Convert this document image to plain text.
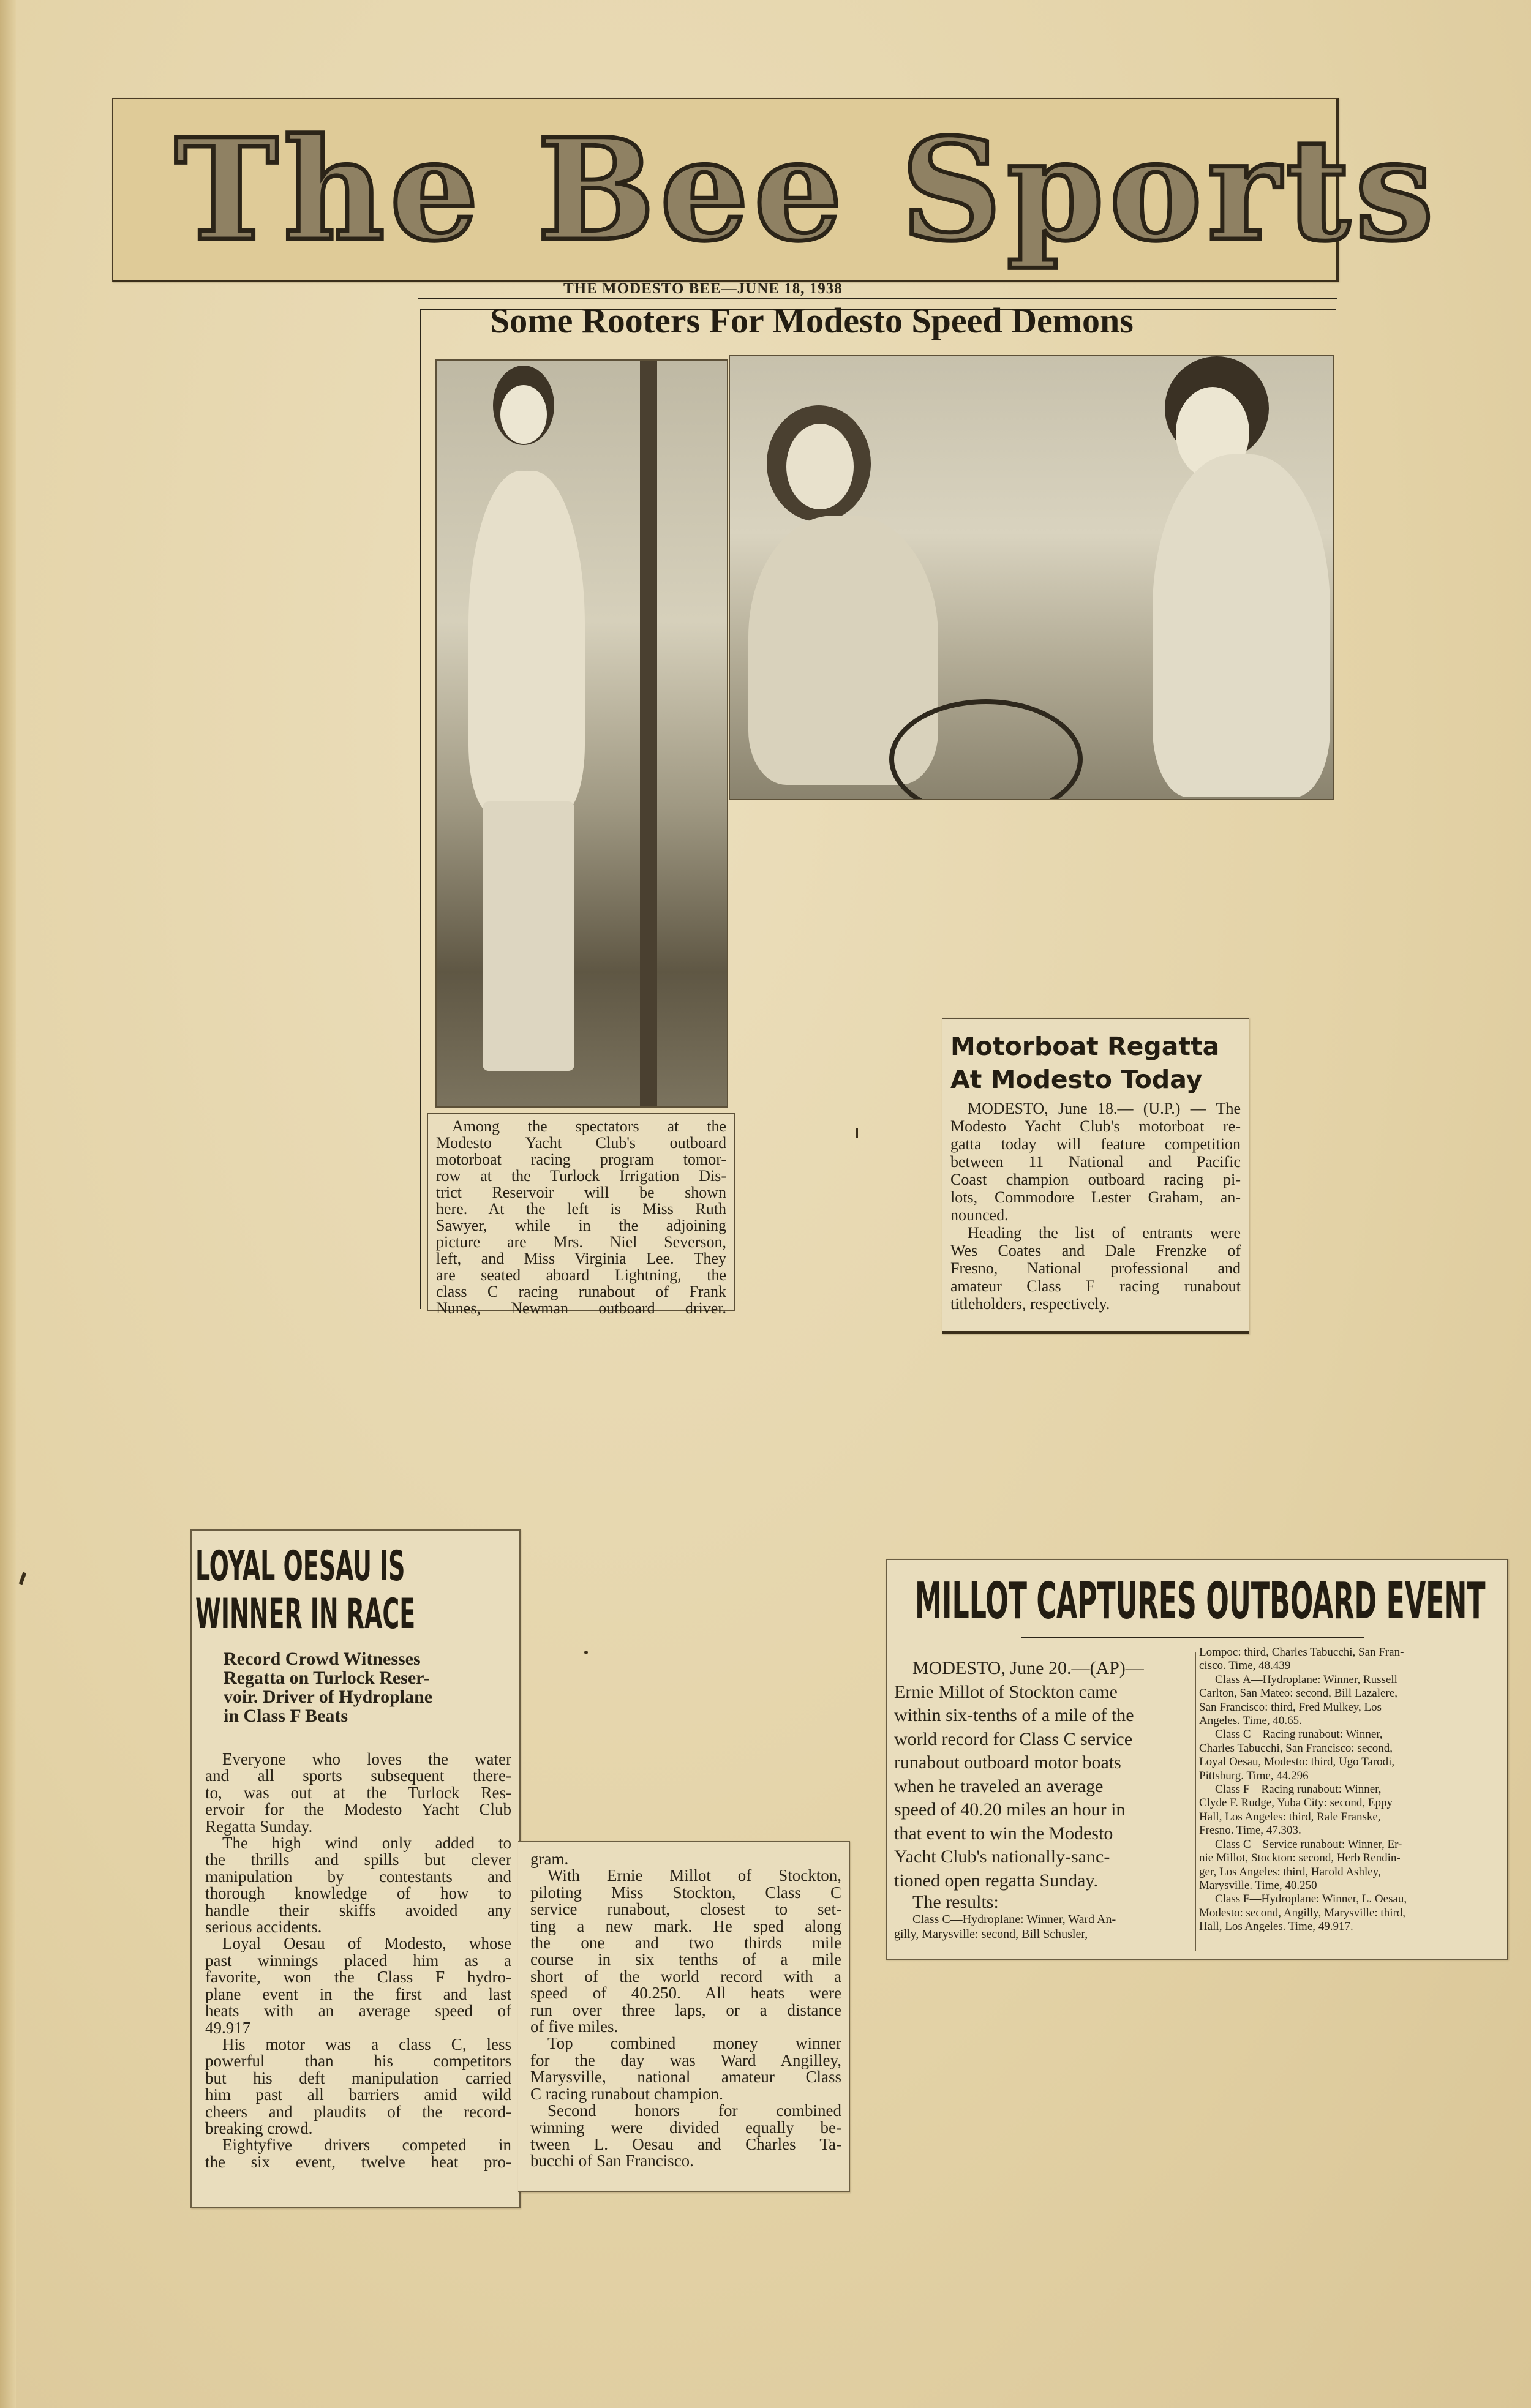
The Bee Sports
THE MODESTO BEE—JUNE 18, 1938
Some Rooters For Modesto Speed Demons
Among the spectators at the
Modesto Yacht Club's outboard
motorboat racing program tomor-
row at the Turlock Irrigation Dis-
trict Reservoir will be shown
here. At the left is Miss Ruth
Sawyer, while in the adjoining
picture are Mrs. Niel Severson,
left, and Miss Virginia Lee. They
are seated aboard Lightning, the
class C racing runabout of Frank
Nunes, Newman outboard driver.
Motorboat Regatta
At Modesto Today
MODESTO, June 18.— (U.P.) — The
Modesto Yacht Club's motorboat re-
gatta today will feature competition
between 11 National and Pacific
Coast champion outboard racing pi-
lots, Commodore Lester Graham, an-
nounced.
Heading the list of entrants were
Wes Coates and Dale Frenzke of
Fresno, National professional and
amateur Class F racing runabout
titleholders, respectively.
LOYAL OESAU IS
WINNER IN RACE
Record Crowd Witnesses
Regatta on Turlock Reser-
voir. Driver of Hydroplane
in Class F Beats
Everyone who loves the water
and all sports subsequent there-
to, was out at the Turlock Res-
ervoir for the Modesto Yacht Club
Regatta Sunday.
The high wind only added to
the thrills and spills but clever
manipulation by contestants and
thorough knowledge of how to
handle their skiffs avoided any
serious accidents.
Loyal Oesau of Modesto, whose
past winnings placed him as a
favorite, won the Class F hydro-
plane event in the first and last
heats with an average speed of
49.917
His motor was a class C, less
powerful than his competitors
but his deft manipulation carried
him past all barriers amid wild
cheers and plaudits of the record-
breaking crowd.
Eightyfive drivers competed in
the six event, twelve heat pro-
gram.
With Ernie Millot of Stockton,
piloting Miss Stockton, Class C
service runabout, closest to set-
ting a new mark. He sped along
the one and two thirds mile
course in six tenths of a mile
short of the world record with a
speed of 40.250. All heats were
run over three laps, or a distance
of five miles.
Top combined money winner
for the day was Ward Angilley,
Marysville, national amateur Class
C racing runabout champion.
Second honors for combined
winning were divided equally be-
tween L. Oesau and Charles Ta-
bucchi of San Francisco.
MILLOT CAPTURES OUTBOARD EVENT
MODESTO, June 20.—(AP)—
Ernie Millot of Stockton came
within six-tenths of a mile of the
world record for Class C service
runabout outboard motor boats
when he traveled an average
speed of 40.20 miles an hour in
that event to win the Modesto
Yacht Club's nationally-sanc-
tioned open regatta Sunday.
The results:
Class C—Hydroplane: Winner, Ward An-
gilly, Marysville: second, Bill Schusler,
Lompoc: third, Charles Tabucchi, San Fran-
cisco. Time, 48.439
Class A—Hydroplane: Winner, Russell
Carlton, San Mateo: second, Bill Lazalere,
San Francisco: third, Fred Mulkey, Los
Angeles. Time, 40.65.
Class C—Racing runabout: Winner,
Charles Tabucchi, San Francisco: second,
Loyal Oesau, Modesto: third, Ugo Tarodi,
Pittsburg. Time, 44.296
Class F—Racing runabout: Winner,
Clyde F. Rudge, Yuba City: second, Eppy
Hall, Los Angeles: third, Rale Franske,
Fresno. Time, 47.303.
Class C—Service runabout: Winner, Er-
nie Millot, Stockton: second, Herb Rendin-
ger, Los Angeles: third, Harold Ashley,
Marysville. Time, 40.250
Class F—Hydroplane: Winner, L. Oesau,
Modesto: second, Angilly, Marysville: third,
Hall, Los Angeles. Time, 49.917.
